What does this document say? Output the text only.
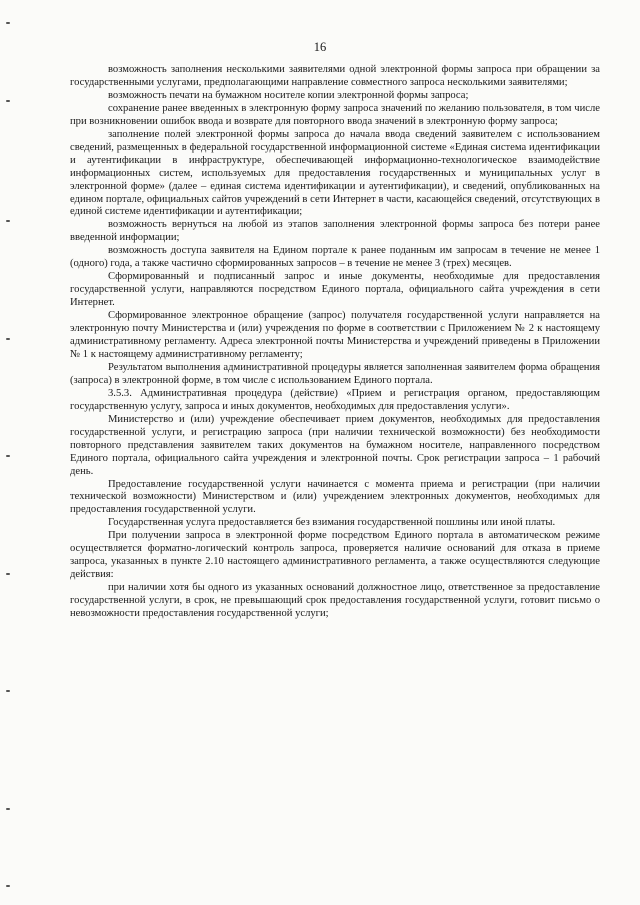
16

возможность заполнения несколькими заявителями одной электронной формы запроса при обращении за государственными услугами, предполагающими направление совместного запроса несколькими заявителями;

возможность печати на бумажном носителе копии электронной формы запроса;

сохранение ранее введенных в электронную форму запроса значений по желанию пользователя, в том числе при возникновении ошибок ввода и возврате для повторного ввода значений в электронную форму запроса;

заполнение полей электронной формы запроса до начала ввода сведений заявителем с использованием сведений, размещенных в федеральной государственной информационной системе «Единая система идентификации и аутентификации в инфраструктуре, обеспечивающей информационно-технологическое взаимодействие информационных систем, используемых для предоставления государственных и муниципальных услуг в электронной форме» (далее – единая система идентификации и аутентификации), и сведений, опубликованных на едином портале, официальных сайтов учреждений в сети Интернет в части, касающейся сведений, отсутствующих в единой системе идентификации и аутентификации;

возможность вернуться на любой из этапов заполнения электронной формы запроса без потери ранее введенной информации;

возможность доступа заявителя на Едином портале к ранее поданным им запросам в течение не менее 1 (одного) года, а также частично сформированных запросов – в течение не менее 3 (трех) месяцев.

Сформированный и подписанный запрос и иные документы, необходимые для предоставления государственной услуги, направляются посредством Единого портала, официального сайта учреждения в сети Интернет.

Сформированное электронное обращение (запрос) получателя государственной услуги направляется на электронную почту Министерства и (или) учреждения по форме в соответствии с Приложением № 2 к настоящему административному регламенту. Адреса электронной почты Министерства и учреждений приведены в Приложении № 1 к настоящему административному регламенту;

Результатом выполнения административной процедуры является заполненная заявителем форма обращения (запроса) в электронной форме, в том числе с использованием Единого портала.

3.5.3. Административная процедура (действие) «Прием и регистрация органом, предоставляющим государственную услугу, запроса и иных документов, необходимых для предоставления услуги».

Министерство и (или) учреждение обеспечивает прием документов, необходимых для предоставления государственной услуги, и регистрацию запроса (при наличии технической возможности) без необходимости повторного представления заявителем таких документов на бумажном носителе, направленного посредством Единого портала, официального сайта учреждения и электронной почты. Срок регистрации запроса – 1 рабочий день.

Предоставление государственной услуги начинается с момента приема и регистрации (при наличии технической возможности) Министерством и (или) учреждением электронных документов, необходимых для предоставления государственной услуги.

Государственная услуга предоставляется без взимания государственной пошлины или иной платы.

При получении запроса в электронной форме посредством Единого портала в автоматическом режиме осуществляется форматно-логический контроль запроса, проверяется наличие оснований для отказа в приеме запроса, указанных в пункте 2.10 настоящего административного регламента, а также осуществляются следующие действия:

при наличии хотя бы одного из указанных оснований должностное лицо, ответственное за предоставление государственной услуги, в срок, не превышающий срок предоставления государственной услуги, готовит письмо о невозможности предоставления государственной услуги;
